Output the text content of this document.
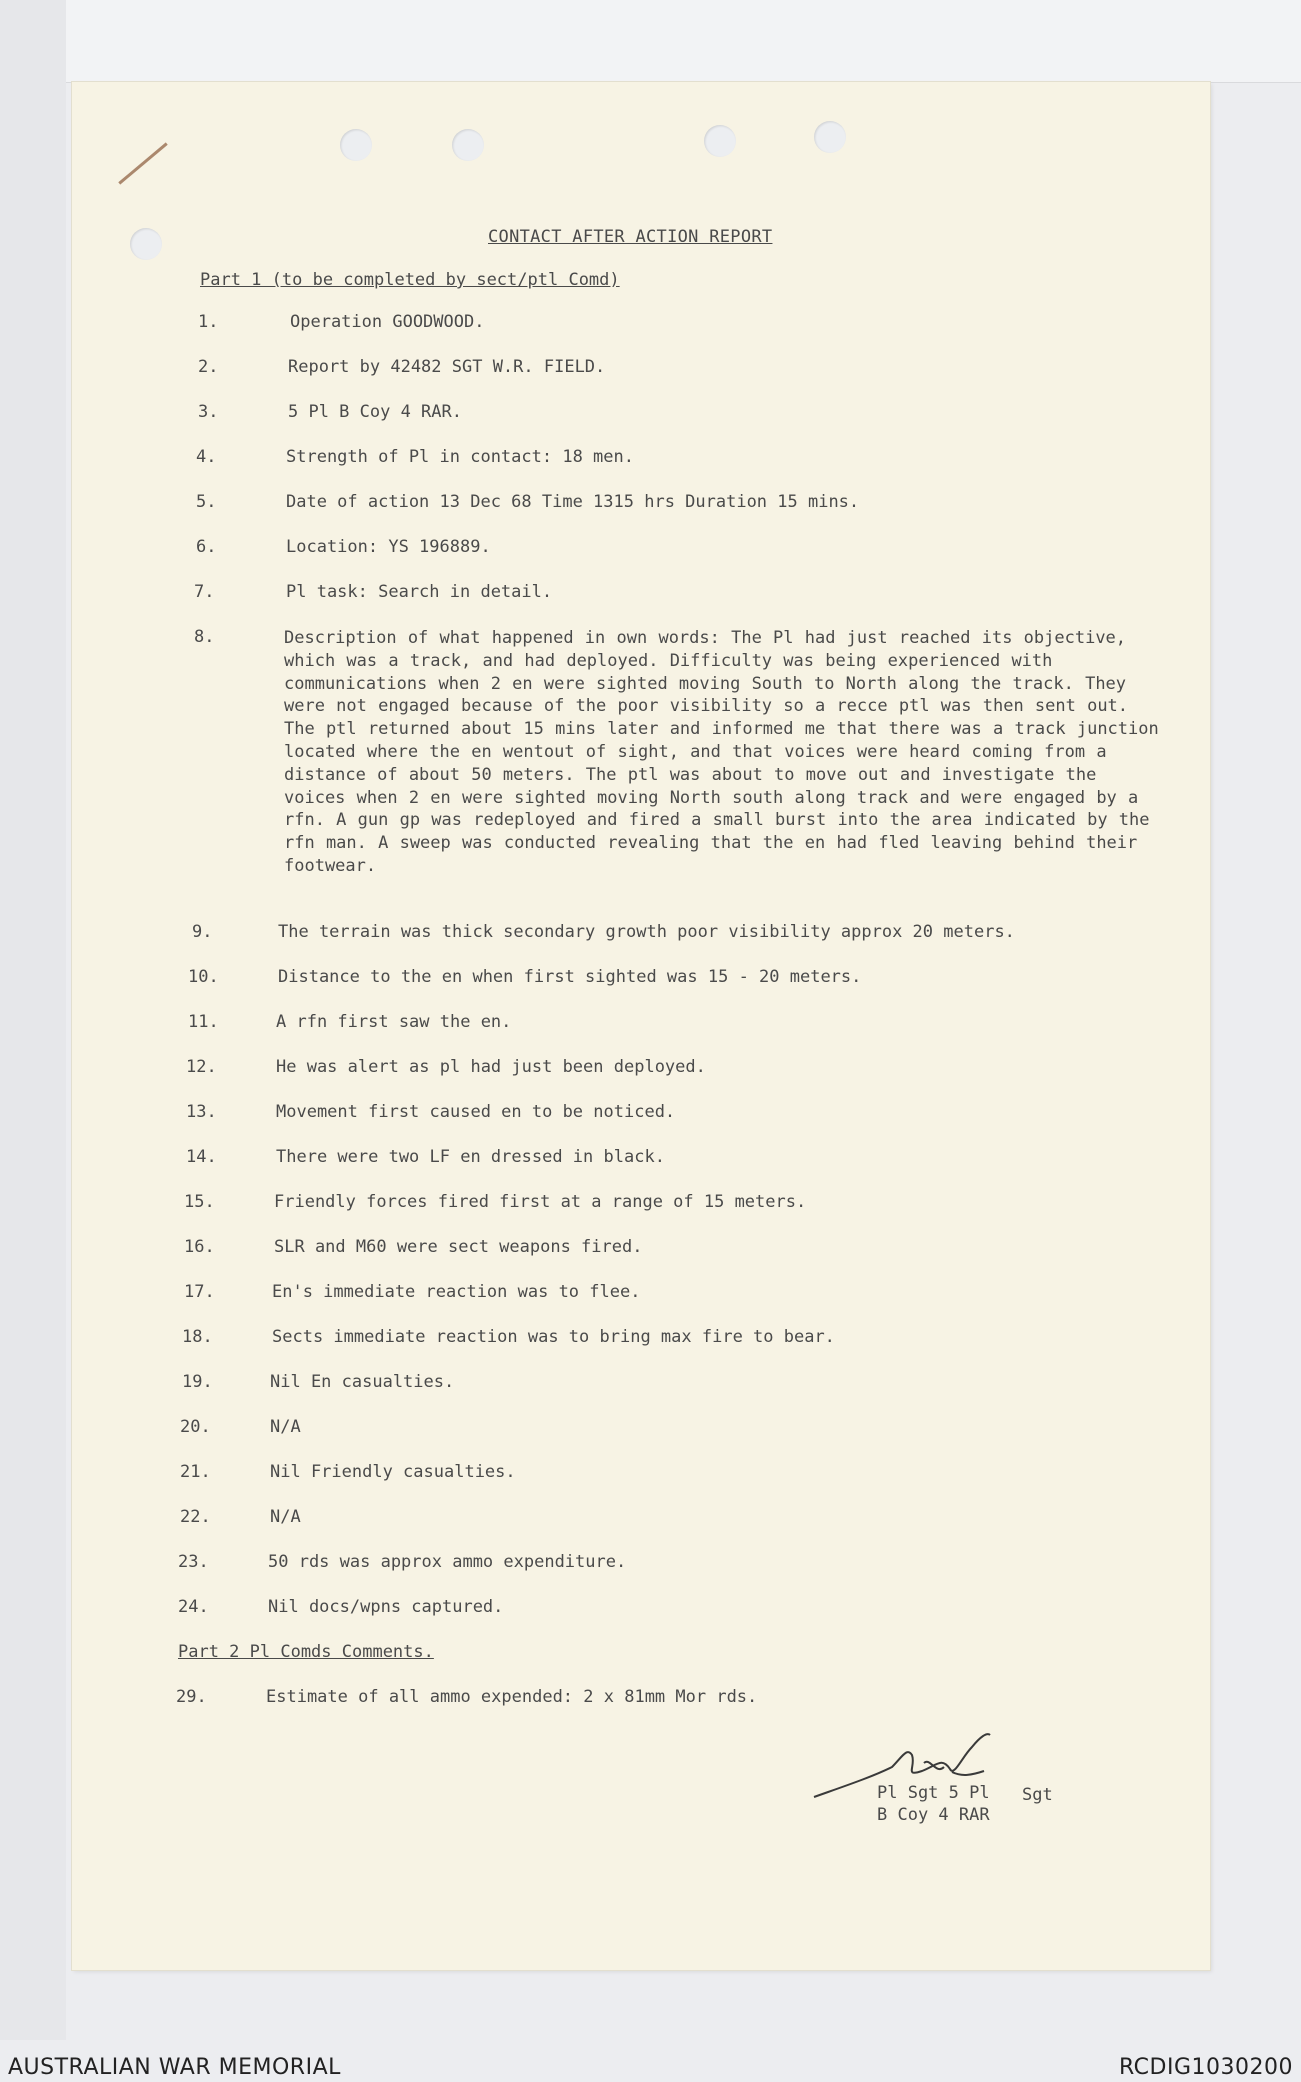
CONTACT AFTER ACTION REPORT
Part 1 (to be completed by sect/ptl Comd)
1.	Operation GOODWOOD.
2.	Report by 42482 SGT W.R. FIELD.
3.	5 Pl B Coy 4 RAR.
4.	Strength of Pl in contact: 18 men.
5.	Date of action 13 Dec 68 Time 1315 hrs Duration 15 mins.
6.	Location: YS 196889.
7.	Pl task: Search in detail.
8.	Description of what happened in own words: The Pl had just reached its objective, which was a track, and had deployed. Difficulty was being experienced with communications when 2 en were sighted moving South to North along the track. They were not engaged because of the poor visibility so a recce ptl was then sent out. The ptl returned about 15 mins later and informed me that there was a track junction located where the en wentout of sight, and that voices were heard coming from a distance of about 50 meters. The ptl was about to move out and investigate the voices when 2 en were sighted moving North south along track and were engaged by a rfn. A gun gp was redeployed and fired a small burst into the area indicated by the rfn man. A sweep was conducted revealing that the en had fled leaving behind their footwear.
9.	The terrain was thick secondary growth poor visibility approx 20 meters.
10.	Distance to the en when first sighted was 15 - 20 meters.
11.	A rfn first saw the en.
12.	He was alert as pl had just been deployed.
13.	Movement first caused en to be noticed.
14.	There were two LF en dressed in black.
15.	Friendly forces fired first at a range of 15 meters.
16.	SLR and M60 were sect weapons fired.
17.	En's immediate reaction was to flee.
18.	Sects immediate reaction was to bring max fire to bear.
19.	Nil En casualties.
20.	N/A
21.	Nil Friendly casualties.
22.	N/A
23.	50 rds was approx ammo expenditure.
24.	Nil docs/wpns captured.
Part 2 Pl Comds Comments.
29.	Estimate of all ammo expended: 2 x 81mm Mor rds.
Sgt
Pl Sgt 5 Pl
B Coy 4 RAR
AUSTRALIAN WAR MEMORIAL	RCDIG1030200
